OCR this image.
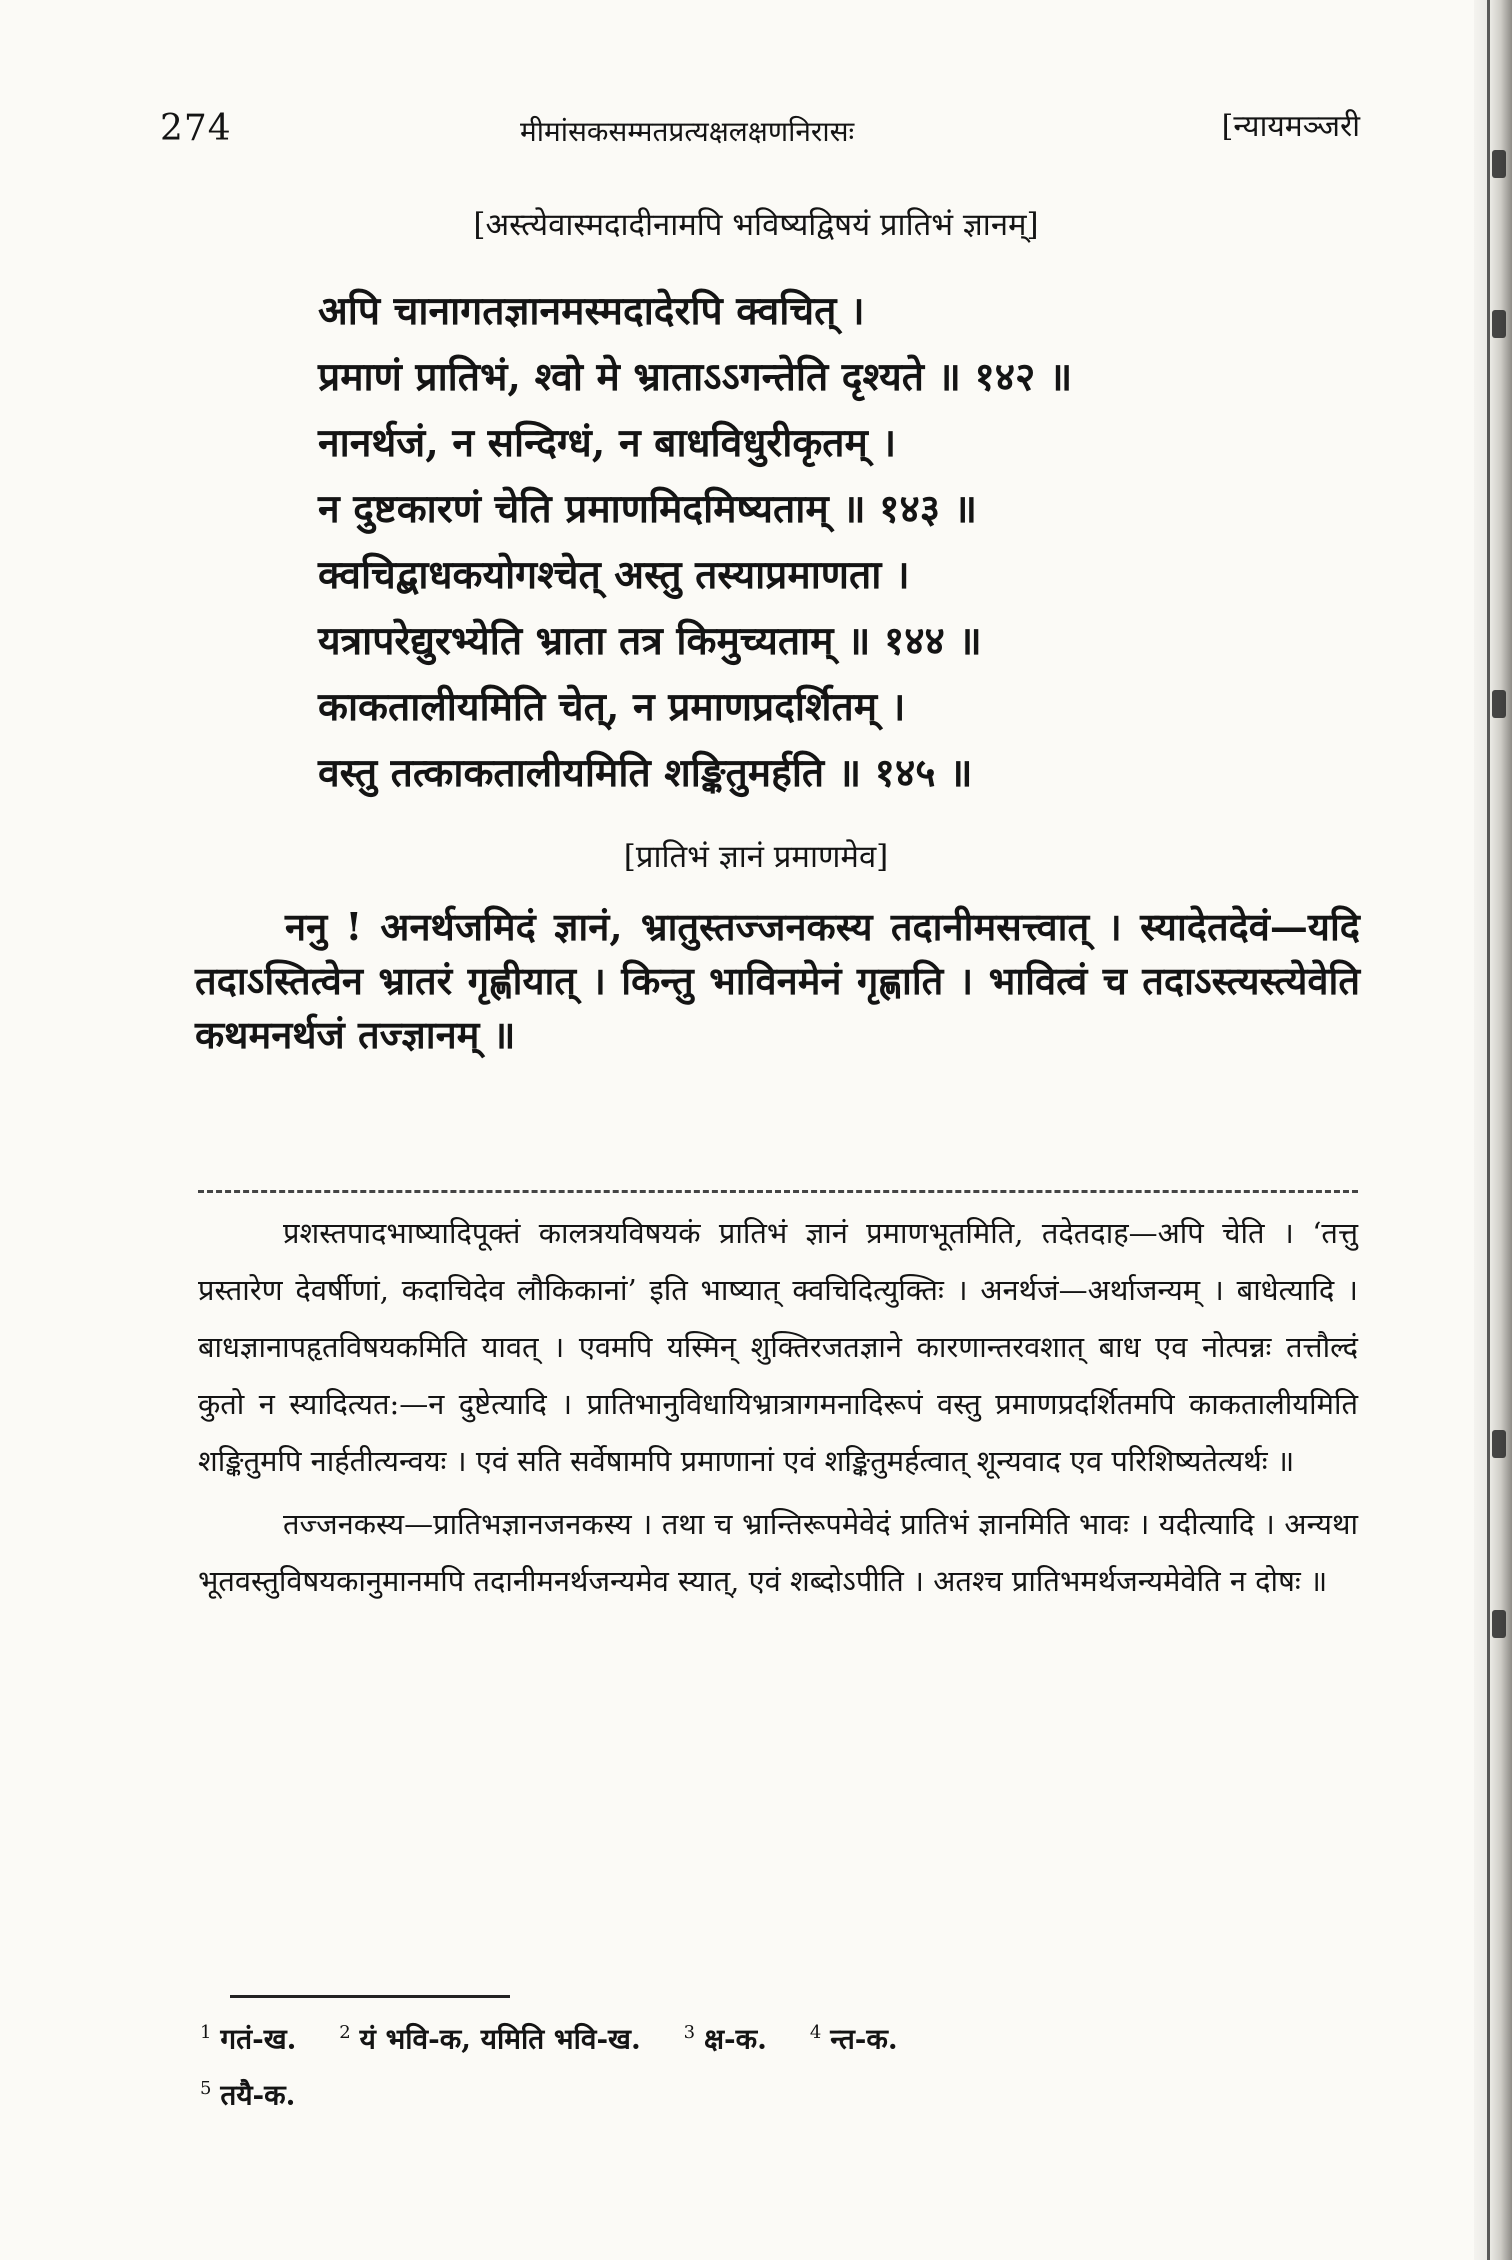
274	मीमांसकसम्मतप्रत्यक्षलक्षणनिरासः	[न्यायमञ्जरी
[अस्त्येवास्मदादीनामपि भविष्यद्विषयं प्रातिभं ज्ञानम्]
अपि चानागतज्ञानमस्मदादेरपि क्वचित् ।
प्रमाणं प्रातिभं, श्वो मे भ्राताऽऽगन्तेति दृश्यते ॥ १४२ ॥
नानर्थजं, न सन्दिग्धं, न बाधविधुरीकृतम् ।
न दुष्टकारणं चेति प्रमाणमिदमिष्यताम् ॥ १४३ ॥
क्वचिद्बाधकयोगश्चेत् अस्तु तस्याप्रमाणता ।
यत्रापरेद्युरभ्येति भ्राता तत्र किमुच्यताम् ॥ १४४ ॥
काकतालीयमिति चेत्, न प्रमाणप्रदर्शितम् ।
वस्तु तत्काकतालीयमिति शङ्कितुमर्हति ॥ १४५ ॥
[प्रातिभं ज्ञानं प्रमाणमेव]

ननु ! अनर्थजमिदं ज्ञानं, भ्रातुस्तज्जनकस्य तदानीमसत्त्वात् । स्यादेतदेवं—यदि तदाऽस्तित्वेन भ्रातरं गृह्णीयात् । किन्तु भाविनमेनं गृह्णाति । भावित्वं च तदाऽस्त्यस्त्येवेति कथमनर्थजं तज्ज्ञानम् ॥

प्रशस्तपादभाष्यादिपूक्तं कालत्रयविषयकं प्रातिभं ज्ञानं प्रमाणभूतमिति, तदेतदाह—अपि चेति । ‘तत्तु प्रस्तारेण देवर्षीणां, कदाचिदेव लौकिकानां’ इति भाष्यात् क्वचिदित्युक्तिः । अनर्थजं—अर्थाजन्यम् । बाधेत्यादि । बाधज्ञानापहृतविषयकमिति यावत् । एवमपि यस्मिन् शुक्तिरजतज्ञाने कारणान्तरवशात् बाध एव नोत्पन्नः तत्तौल्दं कुतो न स्यादित्यत:—न दुष्टेत्यादि । प्रातिभानुविधायिभ्रात्रागमनादिरूपं वस्तु प्रमाणप्रदर्शितमपि काकतालीयमिति शङ्कितुमपि नार्हतीत्यन्वयः । एवं सति सर्वेषामपि प्रमाणानां एवं शङ्कितुमर्हत्वात् शून्यवाद एव परिशिष्यतेत्यर्थः ॥

तज्जनकस्य—प्रातिभज्ञानजनकस्य । तथा च भ्रान्तिरूपमेवेदं प्रातिभं ज्ञानमिति भावः । यदीत्यादि । अन्यथा भूतवस्तुविषयकानुमानमपि तदानीमनर्थजन्यमेव स्यात्, एवं शब्दोऽपीति । अतश्च प्रातिभमर्थजन्यमेवेति न दोषः ॥

$^1$ गतं-ख. $^2$ यं भवि-क, यमिति भवि-ख. $^3$ क्ष-क. $^4$ न्त-क.
$^5$ तयै-क.
